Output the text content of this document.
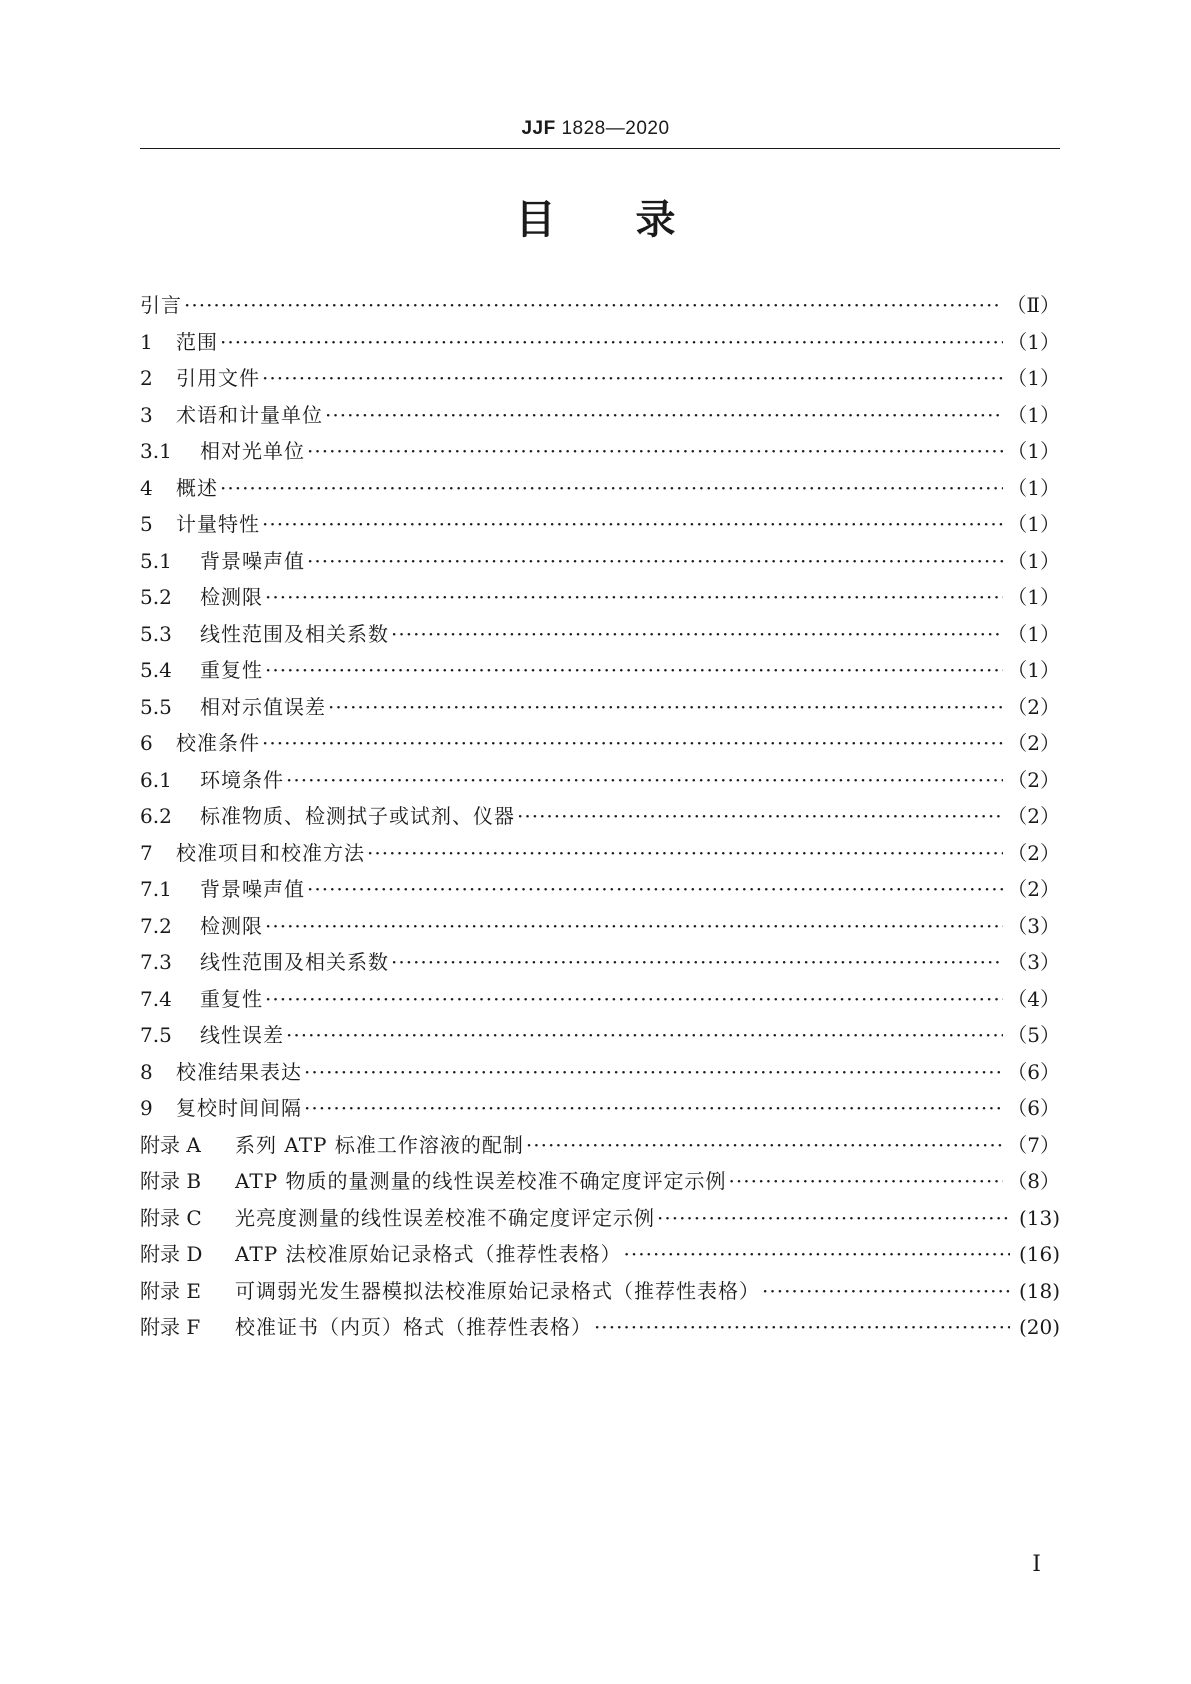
JJF 1828—2020
目录
引言 ·····	（Ⅱ）
1	范围 ·····	（1）
2	引用文件 ·····	（1）
3	术语和计量单位 ·····	（1）
3.1	相对光单位 ·····	（1）
4	概述 ·····	（1）
5	计量特性 ·····	（1）
5.1	背景噪声值 ·····	（1）
5.2	检测限 ·····	（1）
5.3	线性范围及相关系数 ·····	（1）
5.4	重复性 ·····	（1）
5.5	相对示值误差 ·····	（2）
6	校准条件 ·····	（2）
6.1	环境条件 ·····	（2）
6.2	标准物质、检测拭子或试剂、仪器 ·····	（2）
7	校准项目和校准方法 ·····	（2）
7.1	背景噪声值 ·····	（2）
7.2	检测限 ·····	（3）
7.3	线性范围及相关系数 ·····	（3）
7.4	重复性 ·····	（4）
7.5	线性误差 ·····	（5）
8	校准结果表达 ·····	（6）
9	复校时间间隔 ·····	（6）
附录 A	系列 ATP 标准工作溶液的配制 ·····	（7）
附录 B	ATP 物质的量测量的线性误差校准不确定度评定示例 ·····	（8）
附录 C	光亮度测量的线性误差校准不确定度评定示例 ·····	(13)
附录 D	ATP 法校准原始记录格式（推荐性表格） ·····	(16)
附录 E	可调弱光发生器模拟法校准原始记录格式（推荐性表格） ·····	(18)
附录 F	校准证书（内页）格式（推荐性表格） ·····	(20)
I
